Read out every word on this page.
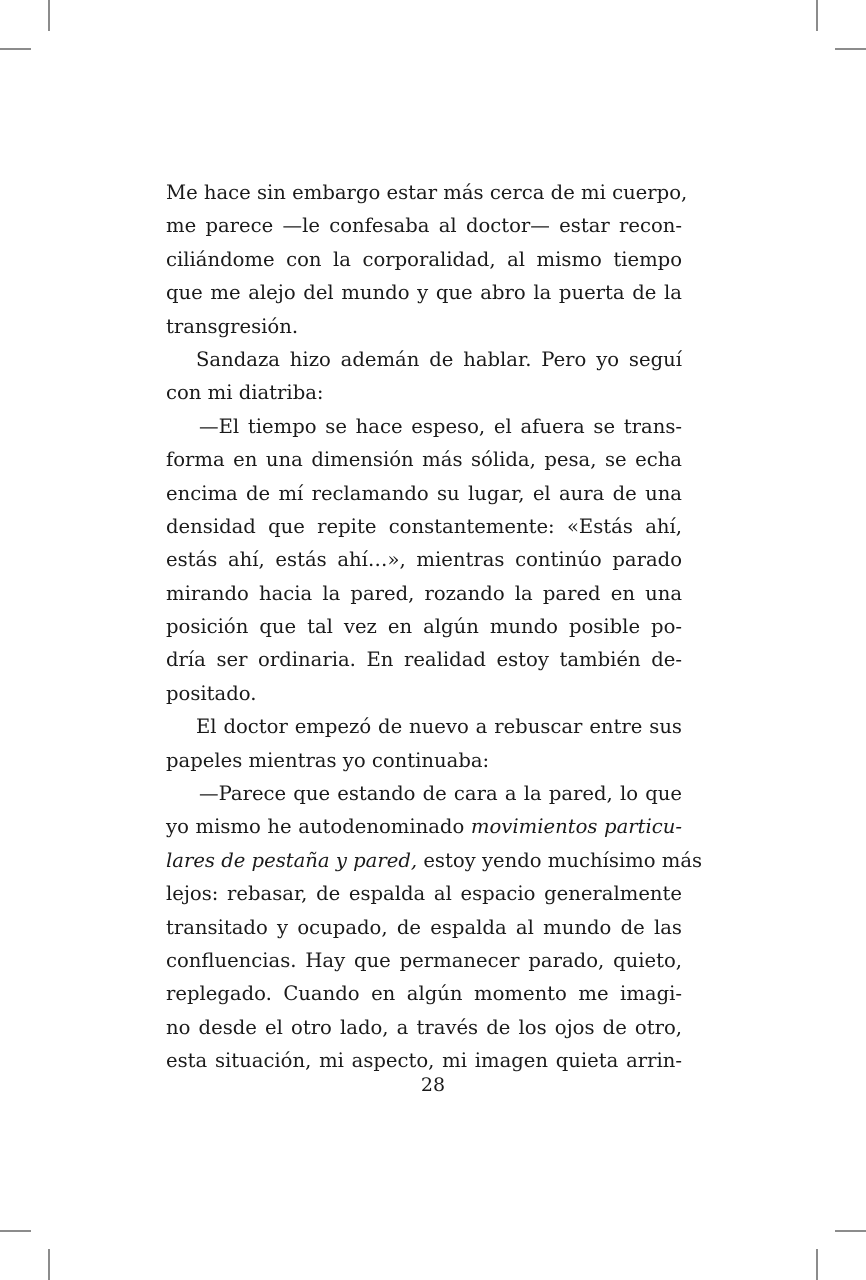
Me hace sin embargo estar más cerca de mi cuerpo,
me parece —le confesaba al doctor— estar recon-
ciliándome con la corporalidad, al mismo tiempo
que me alejo del mundo y que abro la puerta de la
transgresión.
Sandaza hizo ademán de hablar. Pero yo seguí
con mi diatriba:
—El tiempo se hace espeso, el afuera se trans-
forma en una dimensión más sólida, pesa, se echa
encima de mí reclamando su lugar, el aura de una
densidad que repite constantemente: «Estás ahí,
estás ahí, estás ahí…», mientras continúo parado
mirando hacia la pared, rozando la pared en una
posición que tal vez en algún mundo posible po-
dría ser ordinaria. En realidad estoy también de-
positado.
El doctor empezó de nuevo a rebuscar entre sus
papeles mientras yo continuaba:
—Parece que estando de cara a la pared, lo que
yo mismo he autodenominado movimientos particu-
lares de pestaña y pared, estoy yendo muchísimo más
lejos: rebasar, de espalda al espacio generalmente
transitado y ocupado, de espalda al mundo de las
confluencias. Hay que permanecer parado, quieto,
replegado. Cuando en algún momento me imagi-
no desde el otro lado, a través de los ojos de otro,
esta situación, mi aspecto, mi imagen quieta arrin-
28
